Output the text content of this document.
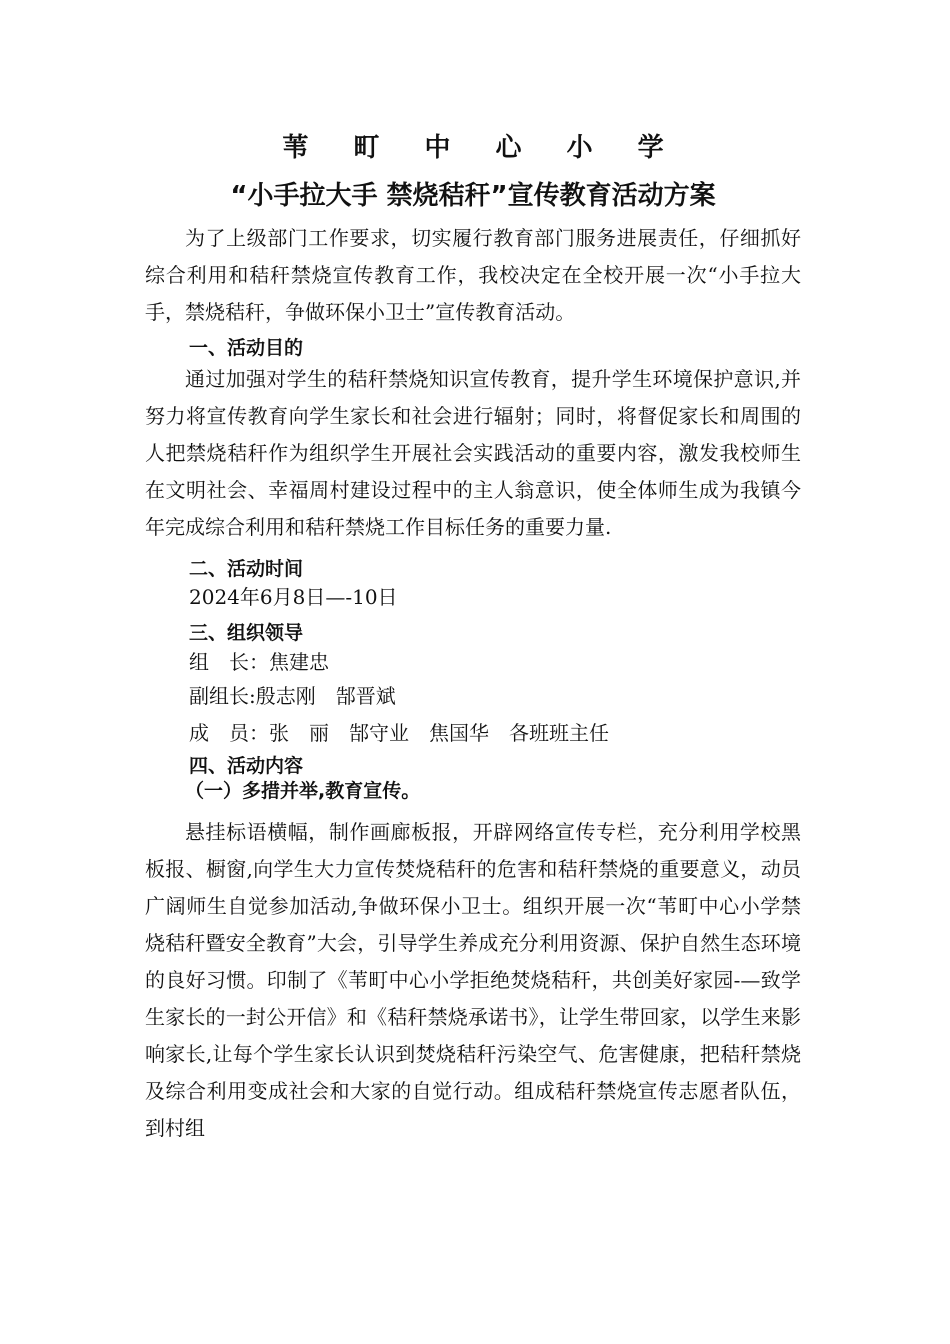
苇 町 中 心 小 学
“小手拉大手 禁烧秸秆”宣传教育活动方案

为了上级部门工作要求，切实履行教育部门服务进展责任，仔细抓好综合利用和秸秆禁烧宣传教育工作，我校决定在全校开展一次“小手拉大手，禁烧秸秆，争做环保小卫士”宣传教育活动。

一、活动目的

通过加强对学生的秸秆禁烧知识宣传教育，提升学生环境保护意识,并努力将宣传教育向学生家长和社会进行辐射；同时，将督促家长和周围的人把禁烧秸秆作为组织学生开展社会实践活动的重要内容，激发我校师生在文明社会、幸福周村建设过程中的主人翁意识，使全体师生成为我镇今年完成综合利用和秸秆禁烧工作目标任务的重要力量.

二、活动时间
2024年6月8日—-10日
三、组织领导
组　长：焦建忠
副组长:殷志刚　郜晋斌
成　员：张　丽　郜守业　焦国华　各班班主任
四、活动内容
（一）多措并举,教育宣传。

悬挂标语横幅，制作画廊板报，开辟网络宣传专栏，充分利用学校黑板报、橱窗,向学生大力宣传焚烧秸秆的危害和秸秆禁烧的重要意义，动员广阔师生自觉参加活动,争做环保小卫士。组织开展一次“苇町中心小学禁烧秸秆暨安全教育”大会，引导学生养成充分利用资源、保护自然生态环境的良好习惯。印制了《苇町中心小学拒绝焚烧秸秆，共创美好家园-—致学生家长的一封公开信》和《秸秆禁烧承诺书》，让学生带回家，以学生来影响家长,让每个学生家长认识到焚烧秸秆污染空气、危害健康，把秸秆禁烧及综合利用变成社会和大家的自觉行动。组成秸秆禁烧宣传志愿者队伍，到村组
